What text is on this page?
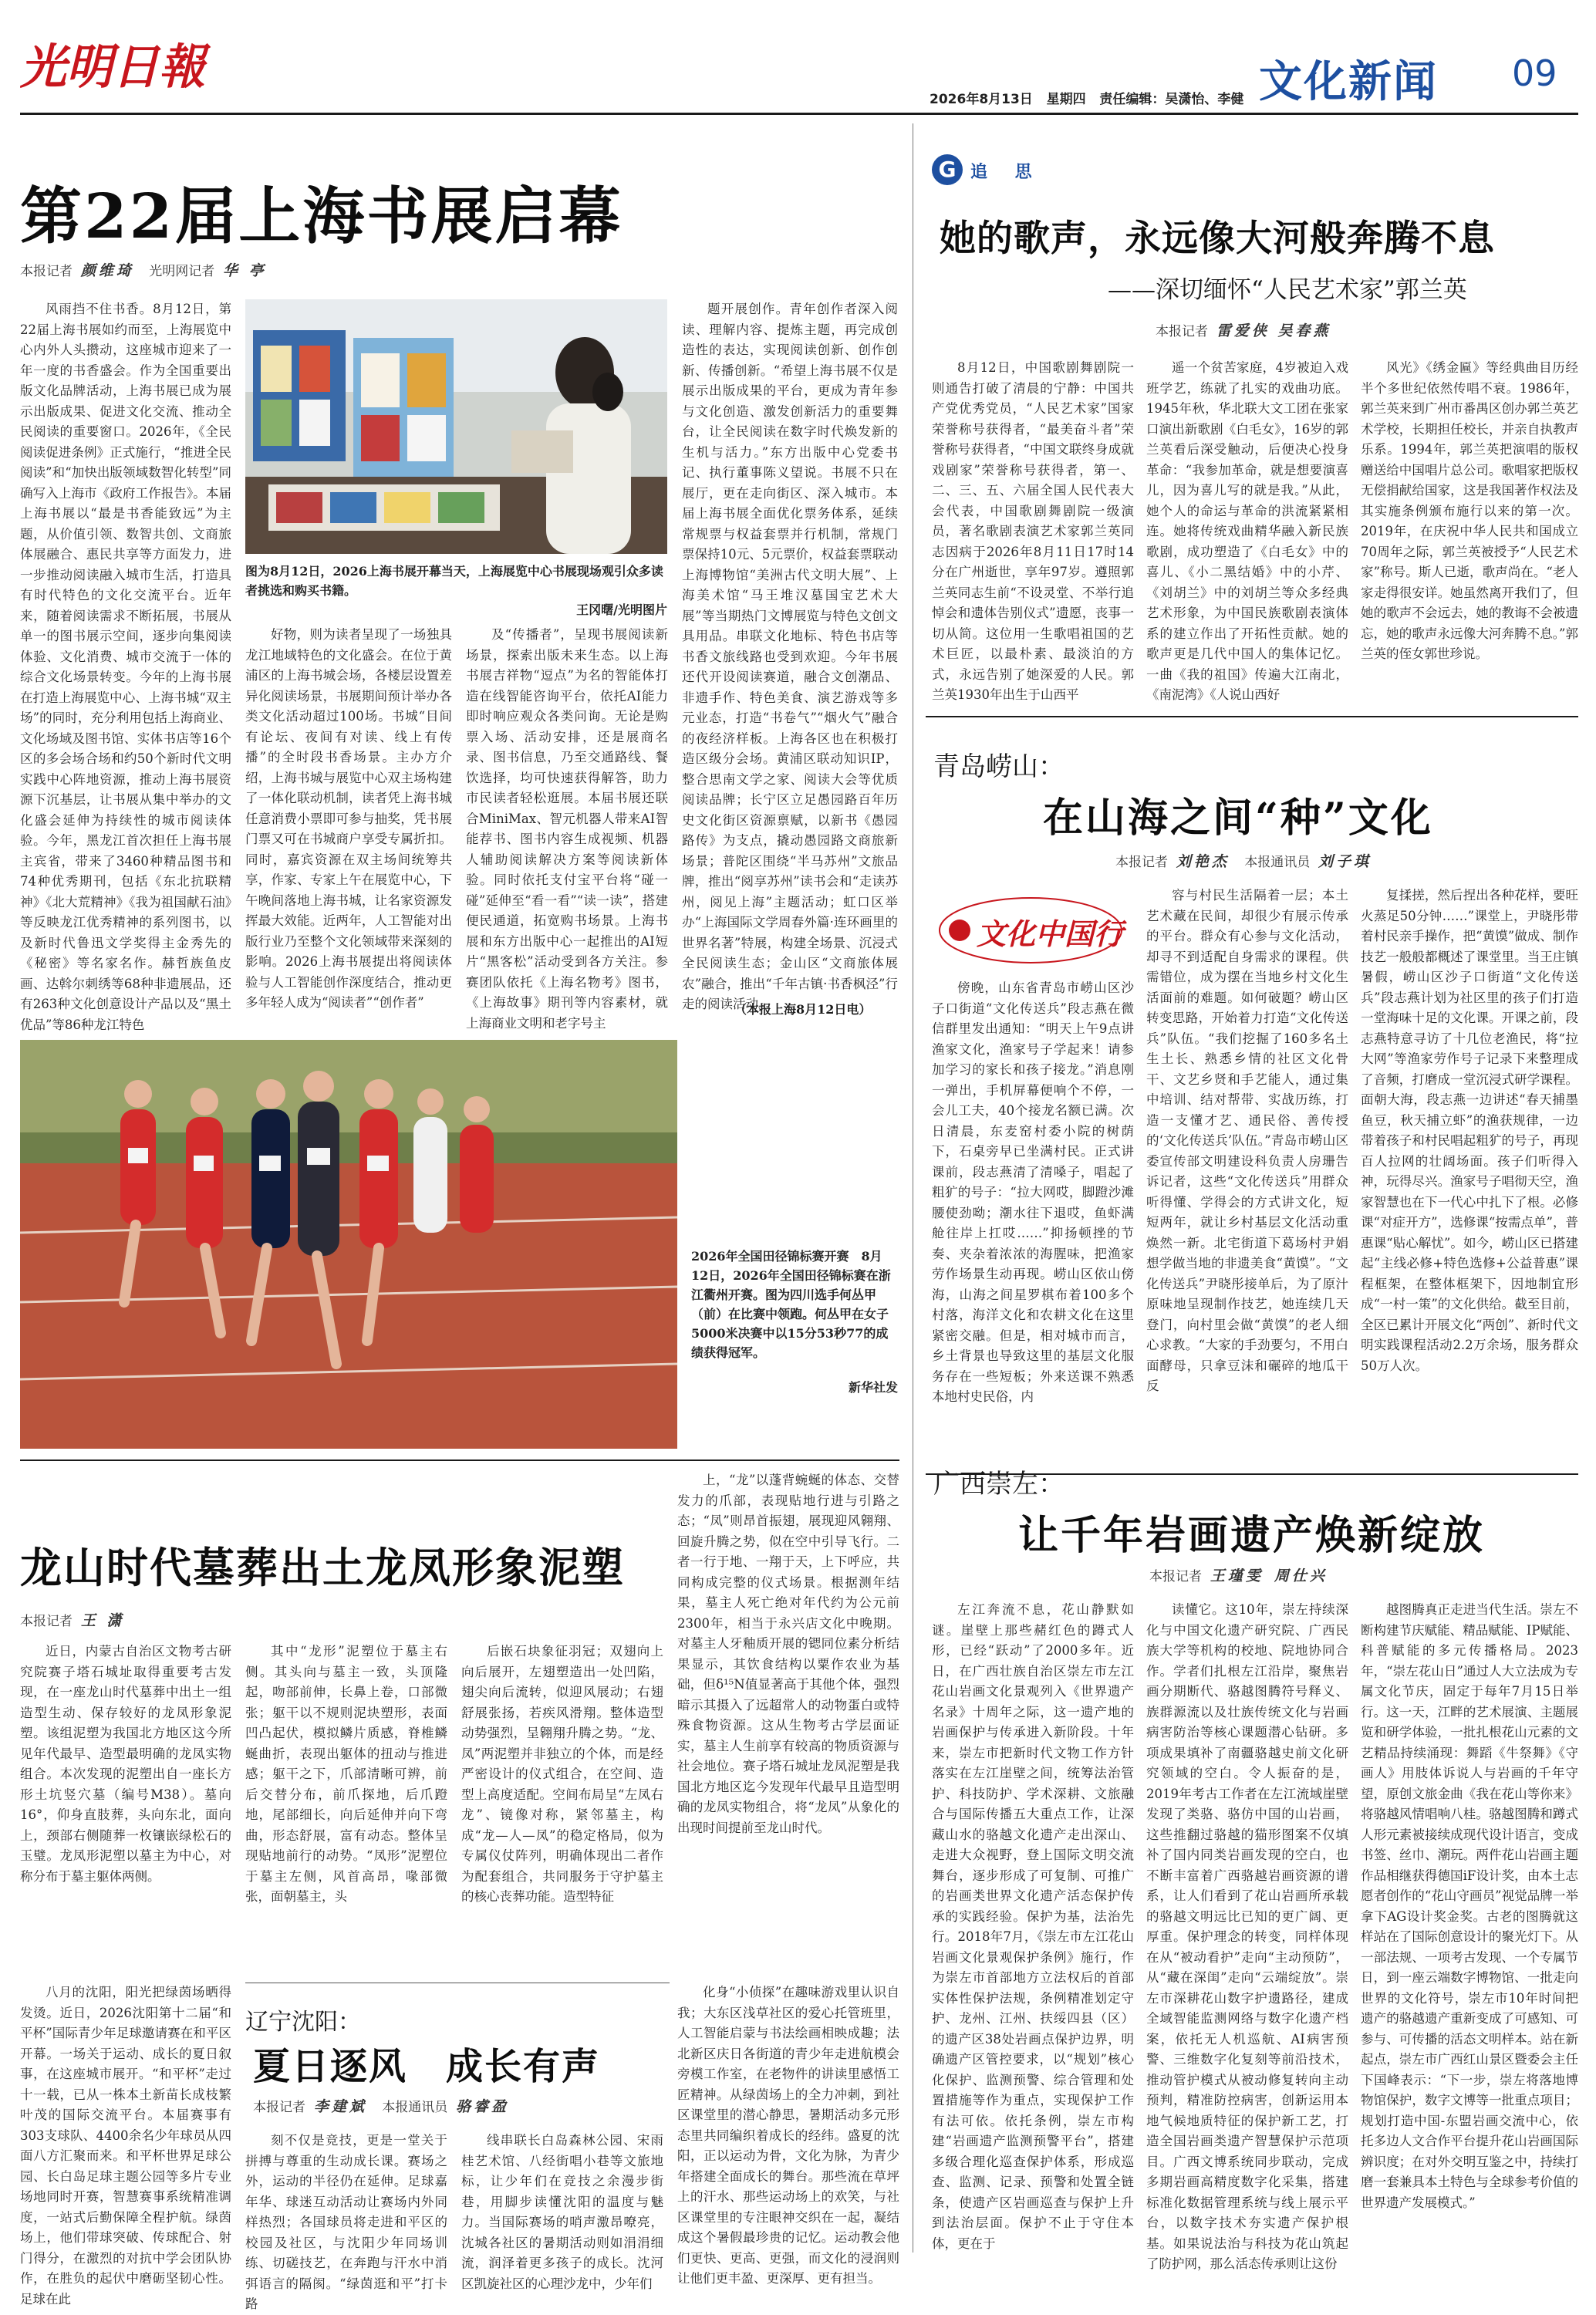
光明日報
2026年8月13日 星期四 责任编辑：吴潇怡、李健 文化新闻 09
第22届上海书展启幕
本报记者 颜维琦 光明网记者 华 亭

风雨挡不住书香。8月12日，第22届上海书展如约而至，上海展览中心内外人头攒动，这座城市迎来了一年一度的书香盛会。作为全国重要出版文化品牌活动，上海书展已成为展示出版成果、促进文化交流、推动全民阅读的重要窗口。2026年，《全民阅读促进条例》正式施行，“推进全民阅读”和“加快出版领域数智化转型”同确写入上海市《政府工作报告》。本届上海书展以“最是书香能致远”为主题，从价值引领、数智共创、文商旅体展融合、惠民共享等方面发力，进一步推动阅读融入城市生活，打造具有时代特色的文化交流平台。近年来，随着阅读需求不断拓展，书展从单一的图书展示空间，逐步向集阅读体验、文化消费、城市交流于一体的综合文化场景转变。今年的上海书展在打造上海展览中心、上海书城“双主场”的同时，充分利用包括上海商业、文化场域及图书馆、实体书店等16个区的多会场合场和约50个新时代文明实践中心阵地资源，推动上海书展资源下沉基层，让书展从集中举办的文化盛会延伸为持续性的城市阅读体验。今年，黑龙江首次担任上海书展主宾省，带来了3460种精品图书和74种优秀期刊，包括《东北抗联精神》《北大荒精神》《我为祖国献石油》等反映龙江优秀精神的系列图书，以及新时代鲁迅文学奖得主金秀先的《秘密》等名家名作。赫哲族鱼皮画、达斡尔刺绣等68种非遗展品，还有263种文化创意设计产品以及“黑土优品”等86种龙江特色

图为8月12日，2026上海书展开幕当天，上海展览中心书展现场观引众多读者挑选和购买书籍。
王冈曙/光明图片

好物，则为读者呈现了一场独具龙江地域特色的文化盛会。在位于黄浦区的上海书城会场，各楼层设置差异化阅读场景，书展期间预计举办各类文化活动超过100场。书城“目间有论坛、夜间有对读、线上有传播”的全时段书香场景。主办方介绍，上海书城与展览中心双主场构建了一体化联动机制，读者凭上海书城任意消费小票即可参与抽奖，凭书展门票又可在书城商户享受专属折扣。同时，嘉宾资源在双主场间统筹共享，作家、专家上午在展览中心，下午晚间落地上海书城，让名家资源发挥最大效能。近两年，人工智能对出版行业乃至整个文化领域带来深刻的影响。2026上海书展提出将阅读体验与人工智能创作深度结合，推动更多年轻人成为“阅读者”“创作者”

及“传播者”，呈现书展阅读新场景，探索出版未来生态。以上海书展吉祥物“逗点”为名的智能体打造在线智能咨询平台，依托AI能力即时响应观众各类问询。无论是购票入场、活动安排，还是展商名录、图书信息，乃至交通路线、餐饮选择，均可快速获得解答，助力市民读者轻松逛展。本届书展还联合MiniMax、智元机器人带来AI智能荐书、图书内容生成视频、机器人辅助阅读解决方案等阅读新体验。同时依托支付宝平台将“碰一碰”延伸至“看一看”“读一读”，搭建便民通道，拓宽购书场景。上海书展和东方出版中心一起推出的AI短片“黑客松”活动受到各方关注。参赛团队依托《上海名物考》图书，《上海故事》期刊等内容素材，就上海商业文明和老字号主

题开展创作。青年创作者深入阅读、理解内容、提炼主题，再完成创造性的表达，实现阅读创新、创作创新、传播创新。“希望上海书展不仅是展示出版成果的平台，更成为青年参与文化创造、激发创新活力的重要舞台，让全民阅读在数字时代焕发新的生机与活力。”东方出版中心党委书记、执行董事陈义望说。书展不只在展厅，更在走向街区、深入城市。本届上海书展全面优化票务体系，延续常规票与权益套票并行机制，常规门票保持10元、5元票价，权益套票联动上海博物馆“美洲古代文明大展”、上海美术馆“马王堆汉墓国宝艺术大展”等当期热门文博展览与特色文创文具用品。串联文化地标、特色书店等书香文旅线路也受到欢迎。今年书展还代开设阅读赛道，融合文创潮品、非遗手作、特色美食、演艺游戏等多元业态，打造“书卷气”“烟火气”融合的夜经济样板。上海各区也在积极打造区级分会场。黄浦区联动知识IP，整合思南文学之家、阅读大会等优质阅读品牌；长宁区立足愚园路百年历史文化街区资源禀赋，以新书《愚园路传》为支点，撬动愚园路文商旅新场景；普陀区围绕“半马苏州”文旅品牌，推出“阅享苏州”读书会和“走读苏州，阅见上海”主题活动；虹口区举办“上海国际文学周春外篇·连环画里的世界名著”特展，构建全场景、沉浸式全民阅读生态；金山区“文商旅体展农”融合，推出“千年古镇·书香枫泾”行走的阅读活动。

（本报上海8月12日电）
G 追 思
她的歌声，永远像大河般奔腾不息
——深切缅怀“人民艺术家”郭兰英
本报记者 雷爱侠 吴春燕

8月12日，中国歌剧舞剧院一则通告打破了清晨的宁静：中国共产党优秀党员，“人民艺术家”国家荣誉称号获得者，“最美奋斗者”荣誉称号获得者，“中国文联终身成就戏剧家”荣誉称号获得者，第一、二、三、五、六届全国人民代表大会代表，中国歌剧舞剧院一级演员，著名歌剧表演艺术家郭兰英同志因病于2026年8月11日17时14分在广州逝世，享年97岁。遵照郭兰英同志生前“不设灵堂、不举行追悼会和遗体告别仪式”遗愿，丧事一切从简。这位用一生歌唱祖国的艺术巨匠，以最朴素、最淡泊的方式，永远告别了她深爱的人民。郭兰英1930年出生于山西平

遥一个贫苦家庭，4岁被迫入戏班学艺，练就了扎实的戏曲功底。1945年秋，华北联大文工团在张家口演出新歌剧《白毛女》，16岁的郭兰英看后深受触动，后便决心投身革命：“我参加革命，就是想要演喜儿，因为喜儿写的就是我。”从此，她个人的命运与革命的洪流紧紧相连。她将传统戏曲精华融入新民族歌剧，成功塑造了《白毛女》中的喜儿、《小二黑结婚》中的小芹、《刘胡兰》中的刘胡兰等众多经典艺术形象，为中国民族歌剧表演体系的建立作出了开拓性贡献。她的歌声更是几代中国人的集体记忆。一曲《我的祖国》传遍大江南北，《南泥湾》《人说山西好

风光》《绣金匾》等经典曲目历经半个多世纪依然传唱不衰。1986年，郭兰英来到广州市番禺区创办郭兰英艺术学校，长期担任校长，并亲自执教声乐系。1994年，郭兰英把演唱的版权赠送给中国唱片总公司。歌唱家把版权无偿捐献给国家，这是我国著作权法及其实施条例颁布施行以来的第一次。2019年，在庆祝中华人民共和国成立70周年之际，郭兰英被授予“人民艺术家”称号。斯人已逝，歌声尚在。“老人家走得很安详。她虽然离开我们了，但她的歌声不会远去，她的教诲不会被遗忘，她的歌声永远像大河奔腾不息。”郭兰英的侄女郭世珍说。

青岛崂山：
在山海之间“种”文化
本报记者 刘艳杰 本报通讯员 刘子琪
文化中国行

傍晚，山东省青岛市崂山区沙子口街道“文化传送兵”段志燕在微信群里发出通知：“明天上午9点讲渔家文化，渔家号子学起来！请参加学习的家长和孩子接龙。”消息刚一弹出，手机屏幕便响个不停，一会儿工夫，40个接龙名额已满。次日清晨，东麦窑村委小院的树荫下，石桌旁早已坐满村民。正式讲课前，段志燕清了清嗓子，唱起了粗犷的号子：“拉大网哎，脚蹬沙滩腰使劲呦；潮水往下退哎，鱼虾满舱往岸上扛哎……”抑扬顿挫的节奏、夹杂着浓浓的海腥味，把渔家劳作场景生动再现。崂山区依山傍海，山海之间星罗棋布着100多个村落，海洋文化和农耕文化在这里紧密交融。但是，相对城市而言，乡土背景也导致这里的基层文化服务存在一些短板；外来送课不熟悉本地村史民俗，内

容与村民生活隔着一层；本土艺术藏在民间，却很少有展示传承的平台。群众有心参与文化活动，却寻不到适配自身需求的课程。供需错位，成为摆在当地乡村文化生活面前的难题。如何破题？崂山区转变思路，开始着力打造“文化传送兵”队伍。“我们挖掘了160多名土生土长、熟悉乡情的社区文化骨干、文艺乡贤和手艺能人，通过集中培训、结对帮带、实战历练，打造一支懂才艺、通民俗、善传授的‘文化传送兵’队伍。”青岛市崂山区委宣传部文明建设科负责人房珊告诉记者，这些“文化传送兵”用群众听得懂、学得会的方式讲文化，短短两年，就让乡村基层文化活动重焕然一新。北宅街道下葛场村尹娟想学做当地的非遗美食“黄馍”。“文化传送兵”尹晓彤接单后，为了原汁原味地呈现制作技艺，她连续几天登门，向村里会做“黄馍”的老人细心求教。“大家的手劲要匀，不用白面酵母，只拿豆沫和碾碎的地瓜干反

复揉搓，然后捏出各种花样，要旺火蒸足50分钟……”课堂上，尹晓彤带着村民亲手操作，把“黄馍”做成、制作技艺一般般都概述了课堂里。当王庄镇暑假，崂山区沙子口街道“文化传送兵”段志燕计划为社区里的孩子们打造一堂海味十足的文化课。开课之前，段志燕特意寻访了十几位老渔民，将“拉大网”等渔家劳作号子记录下来整理成了音频，打磨成一堂沉浸式研学课程。面朝大海，段志燕一边讲述“春天捕墨鱼豆，秋天捕立虾”的渔获规律，一边带着孩子和村民唱起粗犷的号子，再现百人拉网的壮阔场面。孩子们听得入神，玩得尽兴。渔家号子唱彻天空，渔家智慧也在下一代心中扎下了根。必修课“对症开方”，选修课“按需点单”，普惠课“贴心解忧”。如今，崂山区已搭建起“主线必修+特色选修+公益普惠”课程框架，在整体框架下，因地制宜形成“一村一策”的文化供给。截至目前，全区已累计开展文化“两创”、新时代文明实践课程活动2.2万余场，服务群众50万人次。

广西崇左：
让千年岩画遗产焕新绽放
本报记者 王瑾雯 周仕兴

左江奔流不息，花山静默如谜。崖壁上那些赭红色的蹲式人形，已经“跃动”了2000多年。近日，在广西壮族自治区崇左市左江花山岩画文化景观列入《世界遗产名录》十周年之际，这一遗产地的岩画保护与传承进入新阶段。十年来，崇左市把新时代文物工作方针落实在左江崖壁之间，统筹法治管护、科技防护、学术深耕、文旅融合与国际传播五大重点工作，让深藏山水的骆越文化遗产走出深山、走进大众视野，登上国际文明交流舞台，逐步形成了可复制、可推广的岩画类世界文化遗产活态保护传承的实践经验。保护为基，法治先行。2018年7月，《崇左市左江花山岩画文化景观保护条例》施行，作为崇左市首部地方立法权后的首部实体性保护法规，条例精准划定守护、龙州、江州、扶绥四县（区）的遗产区38处岩画点保护边界，明确遗产区管控要求，以“规划”核心化保护、监测预警、综合管理和处置措施等作为重点，实现保护工作有法可依。依托条例，崇左市构建“岩画遗产监测预警平台”，搭建多级合理化巡查保护体系，形成巡查、监测、记录、预警和处置全链条，使遗产区岩画巡查与保护上升到法治层面。保护不止于守住本体，更在于

读懂它。这10年，崇左持续深化与中国文化遗产研究院、广西民族大学等机构的校地、院地协同合作。学者们扎根左江沿岸，聚焦岩画分期断代、骆越图腾符号释义、族群源流以及壮族传统文化与岩画病害防治等核心课题潜心钻研。多项成果填补了南疆骆越史前文化研究领域的空白。令人振奋的是，2019年考古工作者在左江流域崖壁发现了类骆、骆仿中国的山岩画，这些推翻过骆越的猫形图案不仅填补了国内同类岩画发现的空白，也不断丰富着广西骆越岩画资源的谱系，让人们看到了花山岩画所承载的骆越文明远比已知的更广阔、更厚重。保护理念的转变，同样体现在从“被动看护”走向“主动预防”，从“藏在深闺”走向“云端绽放”。崇左市深耕花山数字护遗路径，建成全域智能监测网络与数字化遗产档案，依托无人机巡航、AI病害预警、三维数字化复刻等前沿技术，推动管护模式从被动修复转向主动预判，精准防控病害，创新运用本地气候地质特征的保护新工艺，打造全国岩画类遗产智慧保护示范项目。广西文博系统同步联动，完成多期岩画高精度数字化采集，搭建标准化数据管理系统与线上展示平台，以数字技术夯实遗产保护根基。如果说法治与科技为花山筑起了防护网，那么活态传承则让这份

越图腾真正走进当代生活。崇左不断构建节庆赋能、精品赋能、IP赋能、科普赋能的多元传播格局。2023年，“崇左花山日”通过人大立法成为专属文化节庆，固定于每年7月15日举行。这一天，江畔的艺术展演、主题展览和研学体验，一批扎根花山元素的文艺精品持续涌现：舞蹈《牛祭舞》《守画人》用肢体诉说人与岩画的千年守望，原创文旅金曲《我在花山等你来》将骆越风情唱响八桂。骆越图腾和蹲式人形元素被接续成现代设计语言，变成书签、丝巾、潮玩。两件花山岩画主题作品相继获得德国iF设计奖，由本土志愿者创作的“花山守画员”视觉品牌一举拿下AG设计奖金奖。古老的图腾就这样站在了国际创意设计的聚光灯下。从一部法规、一项考古发现、一个专属节日，到一座云端数字博物馆、一批走向世界的文化符号，崇左市10年时间把遗产的骆越遗产重新变成了可感知、可参与、可传播的活态文明样本。站在新起点，崇左市广西红山景区暨委会主任下国峰表示：“下一步，崇左将落地博物馆保护，数字文博等一批重点项目；规划打造中国-东盟岩画交流中心，依托多边人文合作平台提升花山岩画国际辨识度；在对外交明互鉴之中，持续打磨一套兼具本土特色与全球参考价值的世界遗产发展模式。”

2026年全国田径锦标赛开赛　8月12日，2026年全国田径锦标赛在浙江衢州开赛。图为四川选手何丛甲（前）在比赛中领跑。何丛甲在女子5000米决赛中以15分53秒77的成绩获得冠军。
新华社发
龙山时代墓葬出土龙凤形象泥塑
本报记者 王 潇

近日，内蒙古自治区文物考古研究院赛子塔石城址取得重要考古发现，在一座龙山时代墓葬中出土一组造型生动、保存较好的龙凤形象泥塑。该组泥塑为我国北方地区这今所见年代最早、造型最明确的龙凤实物组合。本次发现的泥塑出自一座长方形土坑竖穴墓（编号M38）。墓向16°，仰身直肢葬，头向东北，面向上，颈部右侧随葬一枚镶嵌绿松石的玉璧。龙凤形泥塑以墓主为中心，对称分布于墓主躯体两侧。

其中“龙形”泥塑位于墓主右侧。其头向与墓主一致，头顶隆起，吻部前伸，长鼻上卷，口部微张；躯干以不规则泥块塑形，表面凹凸起伏，模拟鳞片质感，脊椎鳞蜒曲折，表现出躯体的扭动与推进感；躯干之下，爪部清晰可辨，前后交替分布，前爪探地，后爪蹬地，尾部细长，向后延伸并向下弯曲，形态舒展，富有动态。整体呈现贴地前行的动势。“凤形”泥塑位于墓主左侧，风首高昂，喙部微张，面朝墓主，头

后嵌石块象征羽冠；双翅向上向后展开，左翅塑造出一处凹陷，翅尖向后流转，似迎风展动；右翅舒展张扬，若疾风滑翔。整体造型动势强烈，呈翱翔升腾之势。“龙、凤”两泥塑并非独立的个体，而是经严密设计的仪式组合，在空间、造型上高度适配。空间布局呈“左凤右龙”、镜像对称，紧邻墓主，构成“龙—人—凤”的稳定格局，似为专属仪仗阵列，明确体现出二者作为配套组合，共同服务于守护墓主的核心丧葬功能。造型特征

上，“龙”以蓬背蜿蜒的体态、交替发力的爪部，表现贴地行进与引路之态；“凤”则昂首振翅，展现迎风翱翔、回旋升腾之势，似在空中引导飞行。二者一行于地、一翔于天，上下呼应，共同构成完整的仪式场景。根据测年结果，墓主人死亡绝对年代约为公元前2300年，相当于永兴店文化中晚期。对墓主人牙釉质开展的锶同位素分析结果显示，其饮食结构以粟作农业为基础，但δ¹⁵N值显著高于其他个体，强烈暗示其摄入了远超常人的动物蛋白或特殊食物资源。这从生物考古学层面证实，墓主人生前享有较高的物质资源与社会地位。赛子塔石城址龙凤泥塑是我国北方地区迄今发现年代最早且造型明确的龙凤实物组合，将“龙凤”从象化的出现时间提前至龙山时代。

八月的沈阳，阳光把绿茵场晒得发烫。近日，2026沈阳第十二届“和平杯”国际青少年足球邀请赛在和平区开幕。一场关于运动、成长的夏日叙事，在这座城市展开。“和平杯”走过十一载，已从一株本土新苗长成枝繁叶茂的国际交流平台。本届赛事有303支球队、4400余名少年球员从四面八方汇聚而来。和平杯世界足球公园、长白岛足球主题公园等多片专业场地同时开赛，智慧赛事系统精准调度，一站式后勤保障全程护航。绿茵场上，他们带球突破、传球配合、射门得分，在激烈的对抗中学会团队协作，在胜负的起伏中磨砺坚韧心性。足球在此

辽宁沈阳：
夏日逐风　成长有声
本报记者 李建斌 本报通讯员 骆睿盈

刻不仅是竞技，更是一堂关于拼搏与尊重的生动成长课。赛场之外，运动的半径仍在延伸。足球嘉年华、球迷互动活动让赛场内外同样热烈；各国球员将走进和平区的校园及社区，与沈阳少年同场训练、切磋技艺，在奔跑与汗水中消弭语言的隔阂。“绿茵逛和平”打卡路

线串联长白岛森林公园、宋雨桂艺术馆、八经街唱小巷等文旅地标，让少年们在竞技之余漫步街巷，用脚步读懂沈阳的温度与魅力。当国际赛场的哨声激昂嘹亮，沈城各社区的暑期活动则如涓涓细流，润泽着更多孩子的成长。沈河区凯旋社区的心理沙龙中，少年们

化身“小侦探”在趣味游戏里认识自我；大东区浅草社区的爱心托管班里，人工智能启蒙与书法绘画相映成趣；法北新区庆日各街道的青少年走进航模会旁模工作室，在老物件的讲读里感悟工匠精神。从绿茵场上的全力冲刺，到社区课堂里的潜心静思，暑期活动多元形态里共同编织着成长的经纬。盛夏的沈阳，正以运动为骨，文化为脉，为青少年搭建全面成长的舞台。那些流在草坪上的汗水、那些运动场上的欢笑，与社区课堂里的专注眼神交织在一起，凝结成这个暑假最珍贵的记忆。运动教会他们更快、更高、更强，而文化的浸润则让他们更丰盈、更深厚、更有担当。
